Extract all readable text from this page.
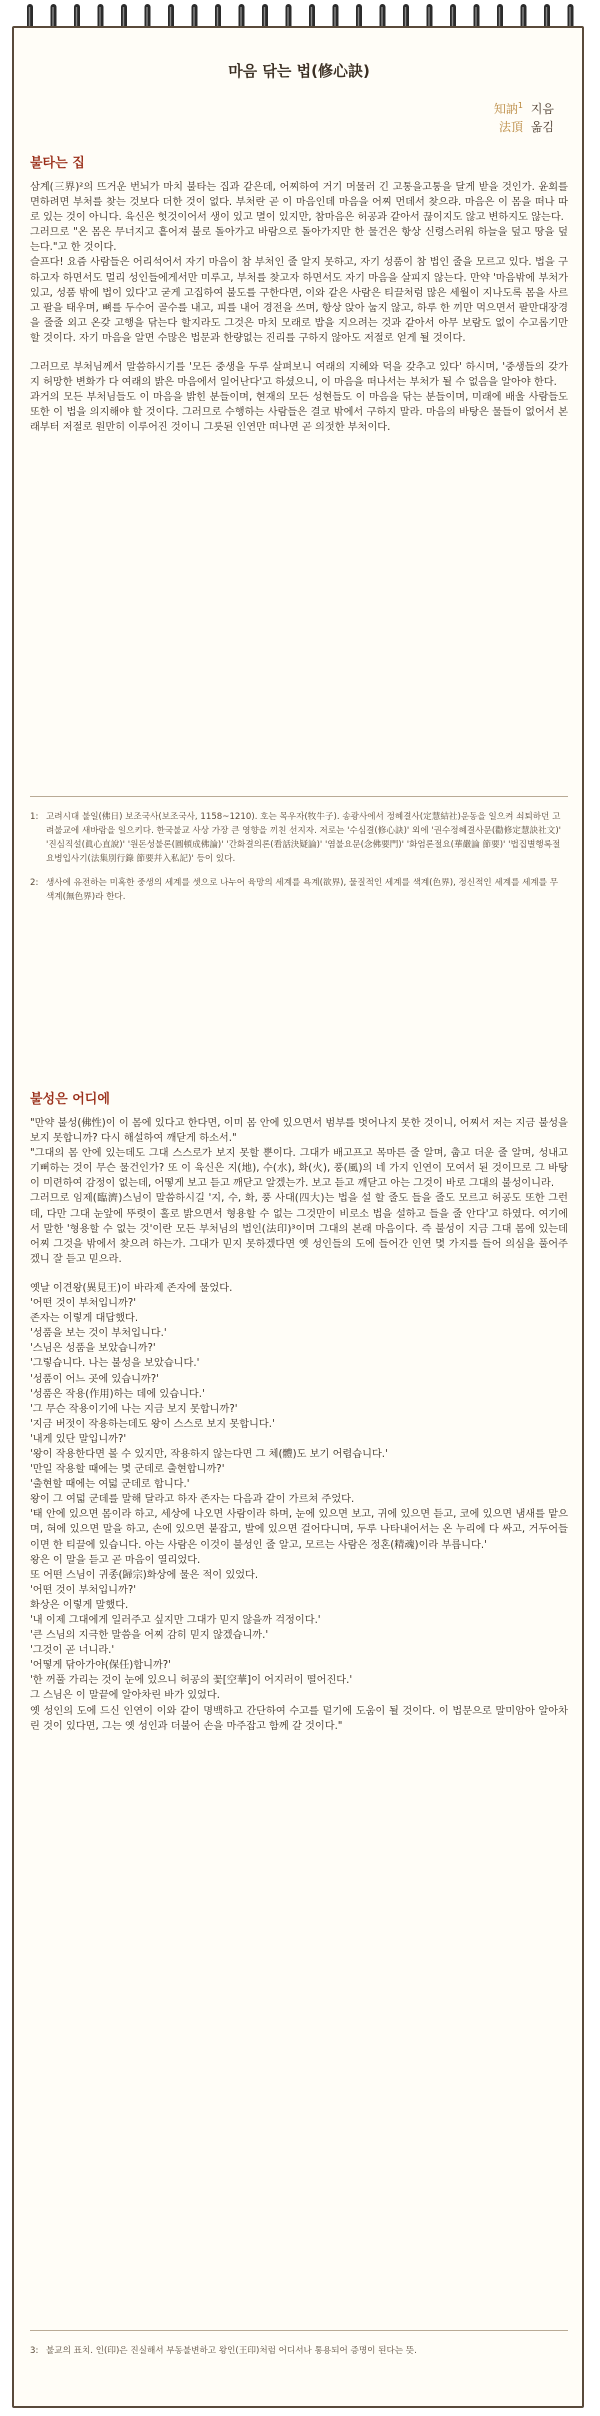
마음 닦는 법(修心訣)
知訥$^1$ 지음
法頂 옮김
불타는 집

삼계(三界)²의 뜨거운 번뇌가 마치 불타는 집과 같은데, 어찌하여 거기 머물러 긴 고통을고통을 달게 받을 것인가. 윤회를 면하려면 부처를 찾는 것보다 더한 것이 없다. 부처란 곧 이 마음인데 마음을 어찌 먼데서 찾으랴. 마음은 이 몸을 떠나 따로 있는 것이 아니다. 육신은 헛것이어서 생이 있고 멸이 있지만, 참마음은 허공과 같아서 끊이지도 않고 변하지도 않는다.

그러므로 "온 몸은 무너지고 흩어져 불로 돌아가고 바람으로 돌아가지만 한 물건은 항상 신령스러워 하늘을 덮고 땅을 덮는다."고 한 것이다.

슬프다! 요즘 사람들은 어리석어서 자기 마음이 참 부처인 줄 알지 못하고, 자기 성품이 참 법인 줄을 모르고 있다. 법을 구하고자 하면서도 멀리 성인들에게서만 미루고, 부처를 찾고자 하면서도 자기 마음을 살피지 않는다. 만약 '마음밖에 부처가 있고, 성품 밖에 법이 있다'고 굳게 고집하여 불도를 구한다면, 이와 같은 사람은 티끌처럼 많은 세월이 지나도록 몸을 사르고 팔을 태우며, 뼈를 두수어 골수를 내고, 피를 내어 경전을 쓰며, 항상 앉아 눕지 않고, 하루 한 끼만 먹으면서 팔만대장경을 줄줄 외고 온갖 고행을 닦는다 할지라도 그것은 마치 모래로 밥을 지으려는 것과 같아서 아무 보람도 없이 수고롭기만 할 것이다. 자기 마음을 알면 수많은 법문과 한량없는 진리를 구하지 않아도 저절로 얻게 될 것이다.

그러므로 부처님께서 말씀하시기를 '모든 중생을 두루 살펴보니 여래의 지혜와 덕을 갖추고 있다' 하시며, '중생들의 갖가지 허망한 변화가 다 여래의 밝은 마음에서 일어난다'고 하셨으니, 이 마음을 떠나서는 부처가 될 수 없음을 알아야 한다.

과거의 모든 부처님들도 이 마음을 밝힌 분들이며, 현재의 모든 성현들도 이 마음을 닦는 분들이며, 미래에 배울 사람들도 또한 이 법을 의지해야 할 것이다. 그러므로 수행하는 사람들은 결코 밖에서 구하지 말라. 마음의 바탕은 물들이 없어서 본래부터 저절로 원만히 이루어진 것이니 그릇된 인연만 떠나면 곧 의젓한 부처이다.

1: 고려시대 불일(佛日) 보조국사(보조국사, 1158~1210). 호는 목우자(牧牛子). 송광사에서 정혜결사(定慧結社)운동을 일으켜 쇠퇴하던 고려불교에 새바람을 일으키다. 한국불교 사상 가장 큰 영향을 끼친 선지자. 저로는 '수심결(修心訣)' 외에 '권수정혜결사문(勸修定慧訣社文)' '진심직설(眞心直說)' '원돈성불론(圓頓成佛論)' '간화결의론(看話決疑論)' '염불요문(念佛要門)' '화엄론절요(華嚴論 節要)' '법집별행록절요병입사기(法集別行錄 節要幷入私記)' 등이 있다.
2: 생사에 유전하는 미혹한 중생의 세계를 셋으로 나누어 육망의 세계를 욕계(欲界), 물질적인 세계를 색계(色界), 정신적인 세계를 세계를 무색계(無色界)라 한다.
불성은 어디에

"만약 불성(佛性)이 이 몸에 있다고 한다면, 이미 몸 안에 있으면서 범부를 벗어나지 못한 것이니, 어찌서 저는 지금 불성을 보지 못합니까? 다시 해설하여 깨닫게 하소서."

"그대의 몸 안에 있는데도 그대 스스로가 보지 못할 뿐이다. 그대가 배고프고 목마른 줄 알며, 춥고 더운 줄 알며, 성내고 기뻐하는 것이 무슨 물건인가? 또 이 육신은 지(地), 수(水), 화(火), 풍(風)의 네 가지 인연이 모여서 된 것이므로 그 바탕이 미련하여 감정이 없는데, 어떻게 보고 듣고 깨닫고 알겠는가. 보고 듣고 깨닫고 아는 그것이 바로 그대의 불성이니라.

그러므로 임제(臨濟)스님이 말씀하시길 '지, 수, 화, 풍 사대(四大)는 법을 설 할 줄도 들을 줄도 모르고 허공도 또한 그런데, 다만 그대 눈앞에 뚜렷이 홀로 밝으면서 형용할 수 없는 그것만이 비로소 법을 설하고 들을 줄 안다'고 하였다. 여기에서 말한 '형용할 수 없는 것'이란 모든 부처님의 법인(法印)³이며 그대의 본래 마음이다. 즉 불성이 지금 그대 몸에 있는데 어찌 그것을 밖에서 찾으려 하는가. 그대가 믿지 못하겠다면 옛 성인들의 도에 들어간 인연 몇 가지를 들어 의심을 풀어주겠니 잘 듣고 믿으라.

옛날 이견왕(異見王)이 바라제 존자에 물었다.

'어떤 것이 부처입니까?'

존자는 이렇게 대답했다.

'성품을 보는 것이 부처입니다.'

'스님은 성품을 보았습니까?'

'그렇습니다. 나는 불성을 보았습니다.'

'성품이 어느 곳에 있습니까?'

'성품은 작용(作用)하는 데에 있습니다.'

'그 무슨 작용이기에 나는 지금 보지 못합니까?'

'지금 버젓이 작용하는데도 왕이 스스로 보지 못합니다.'

'내게 있단 말입니까?'

'왕이 작용한다면 볼 수 있지만, 작용하지 않는다면 그 체(體)도 보기 어렵습니다.'

'만일 작용할 때에는 몇 군데로 출현합니까?'

'출현할 때에는 여덟 군데로 합니다.'

왕이 그 여덟 군데를 말해 달라고 하자 존자는 다음과 같이 가르쳐 주었다.

'태 안에 있으면 몸이라 하고, 세상에 나오면 사람이라 하며, 눈에 있으면 보고, 귀에 있으면 듣고, 코에 있으면 냄새를 맡으며, 혀에 있으면 말을 하고, 손에 있으면 붙잡고, 발에 있으면 걸어다니며, 두루 나타내어서는 온 누리에 다 싸고, 거두어들이면 한 티끌에 있습니다. 아는 사람은 이것이 불성인 줄 알고, 모르는 사람은 정혼(精魂)이라 부릅니다.'

왕은 이 말을 듣고 곧 마음이 열리었다.

또 어떤 스님이 귀종(歸宗)화상에 물은 적이 있었다.

'어떤 것이 부처입니까?'

화상은 이렇게 말했다.

'내 이제 그대에게 일러주고 싶지만 그대가 믿지 않을까 걱정이다.'

'큰 스님의 지극한 말씀을 어찌 감히 믿지 않겠습니까.'

'그것이 곧 너니라.'

'어떻게 닦아가야(保任)합니까?'

'한 꺼풀 가리는 것이 눈에 있으니 허공의 꽃[空華]이 어지러이 떨어진다.'

그 스님은 이 말끝에 알아차린 바가 있었다.

옛 성인의 도에 드신 인연이 이와 같이 명백하고 간단하여 수고를 덜기에 도움이 될 것이다. 이 법문으로 말미암아 알아차린 것이 있다면, 그는 옛 성인과 더불어 손을 마주잡고 함께 갈 것이다."

3: 불교의 표치. 인(印)은 진실해서 부동불변하고 왕인(王印)처럼 어디서나 통용되어 증명이 된다는 뜻.
